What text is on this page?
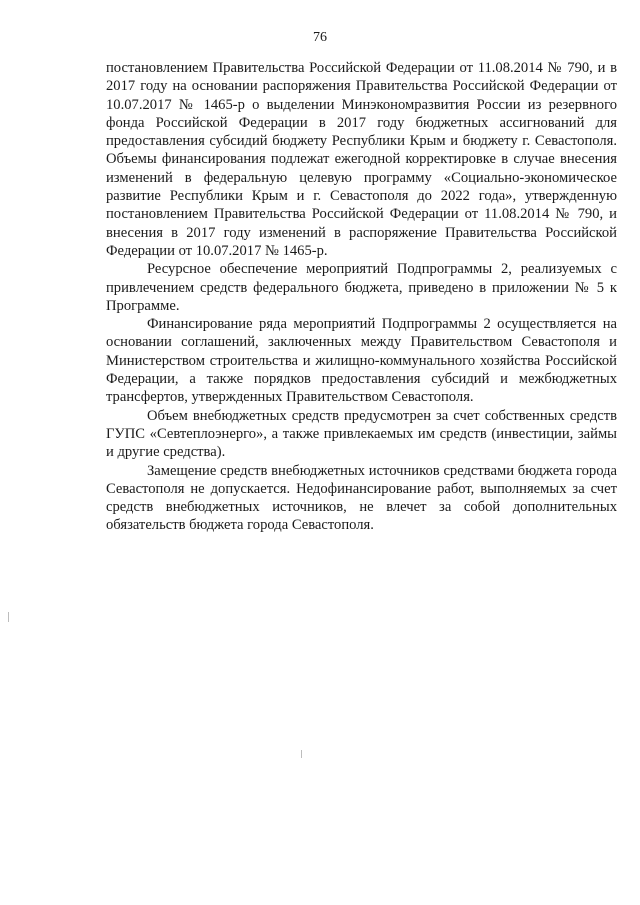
76

постановлением Правительства Российской Федерации от 11.08.2014 № 790, и в 2017 году на основании распоряжения Правительства Российской Федерации от 10.07.2017 № 1465-р о выделении Минэкономразвития России из резервного фонда Российской Федерации в 2017 году бюджетных ассигнований для предоставления субсидий бюджету Республики Крым и бюджету г. Севастополя. Объемы финансирования подлежат ежегодной корректировке в случае внесения изменений в федеральную целевую программу «Социально-экономическое развитие Республики Крым и г. Севастополя до 2022 года», утвержденную постановлением Правительства Российской Федерации от 11.08.2014 № 790, и внесения в 2017 году изменений в распоряжение Правительства Российской Федерации от 10.07.2017 № 1465-р.

Ресурсное обеспечение мероприятий Подпрограммы 2, реализуемых с привлечением средств федерального бюджета, приведено в приложении № 5 к Программе.

Финансирование ряда мероприятий Подпрограммы 2 осуществляется на основании соглашений, заключенных между Правительством Севастополя и Министерством строительства и жилищно-коммунального хозяйства Российской Федерации, а также порядков предоставления субсидий и межбюджетных трансфертов, утвержденных Правительством Севастополя.

Объем внебюджетных средств предусмотрен за счет собственных средств ГУПС «Севтеплоэнерго», а также привлекаемых им средств (инвестиции, займы и другие средства).

Замещение средств внебюджетных источников средствами бюджета города Севастополя не допускается. Недофинансирование работ, выполняемых за счет средств внебюджетных источников, не влечет за собой дополнительных обязательств бюджета города Севастополя.
